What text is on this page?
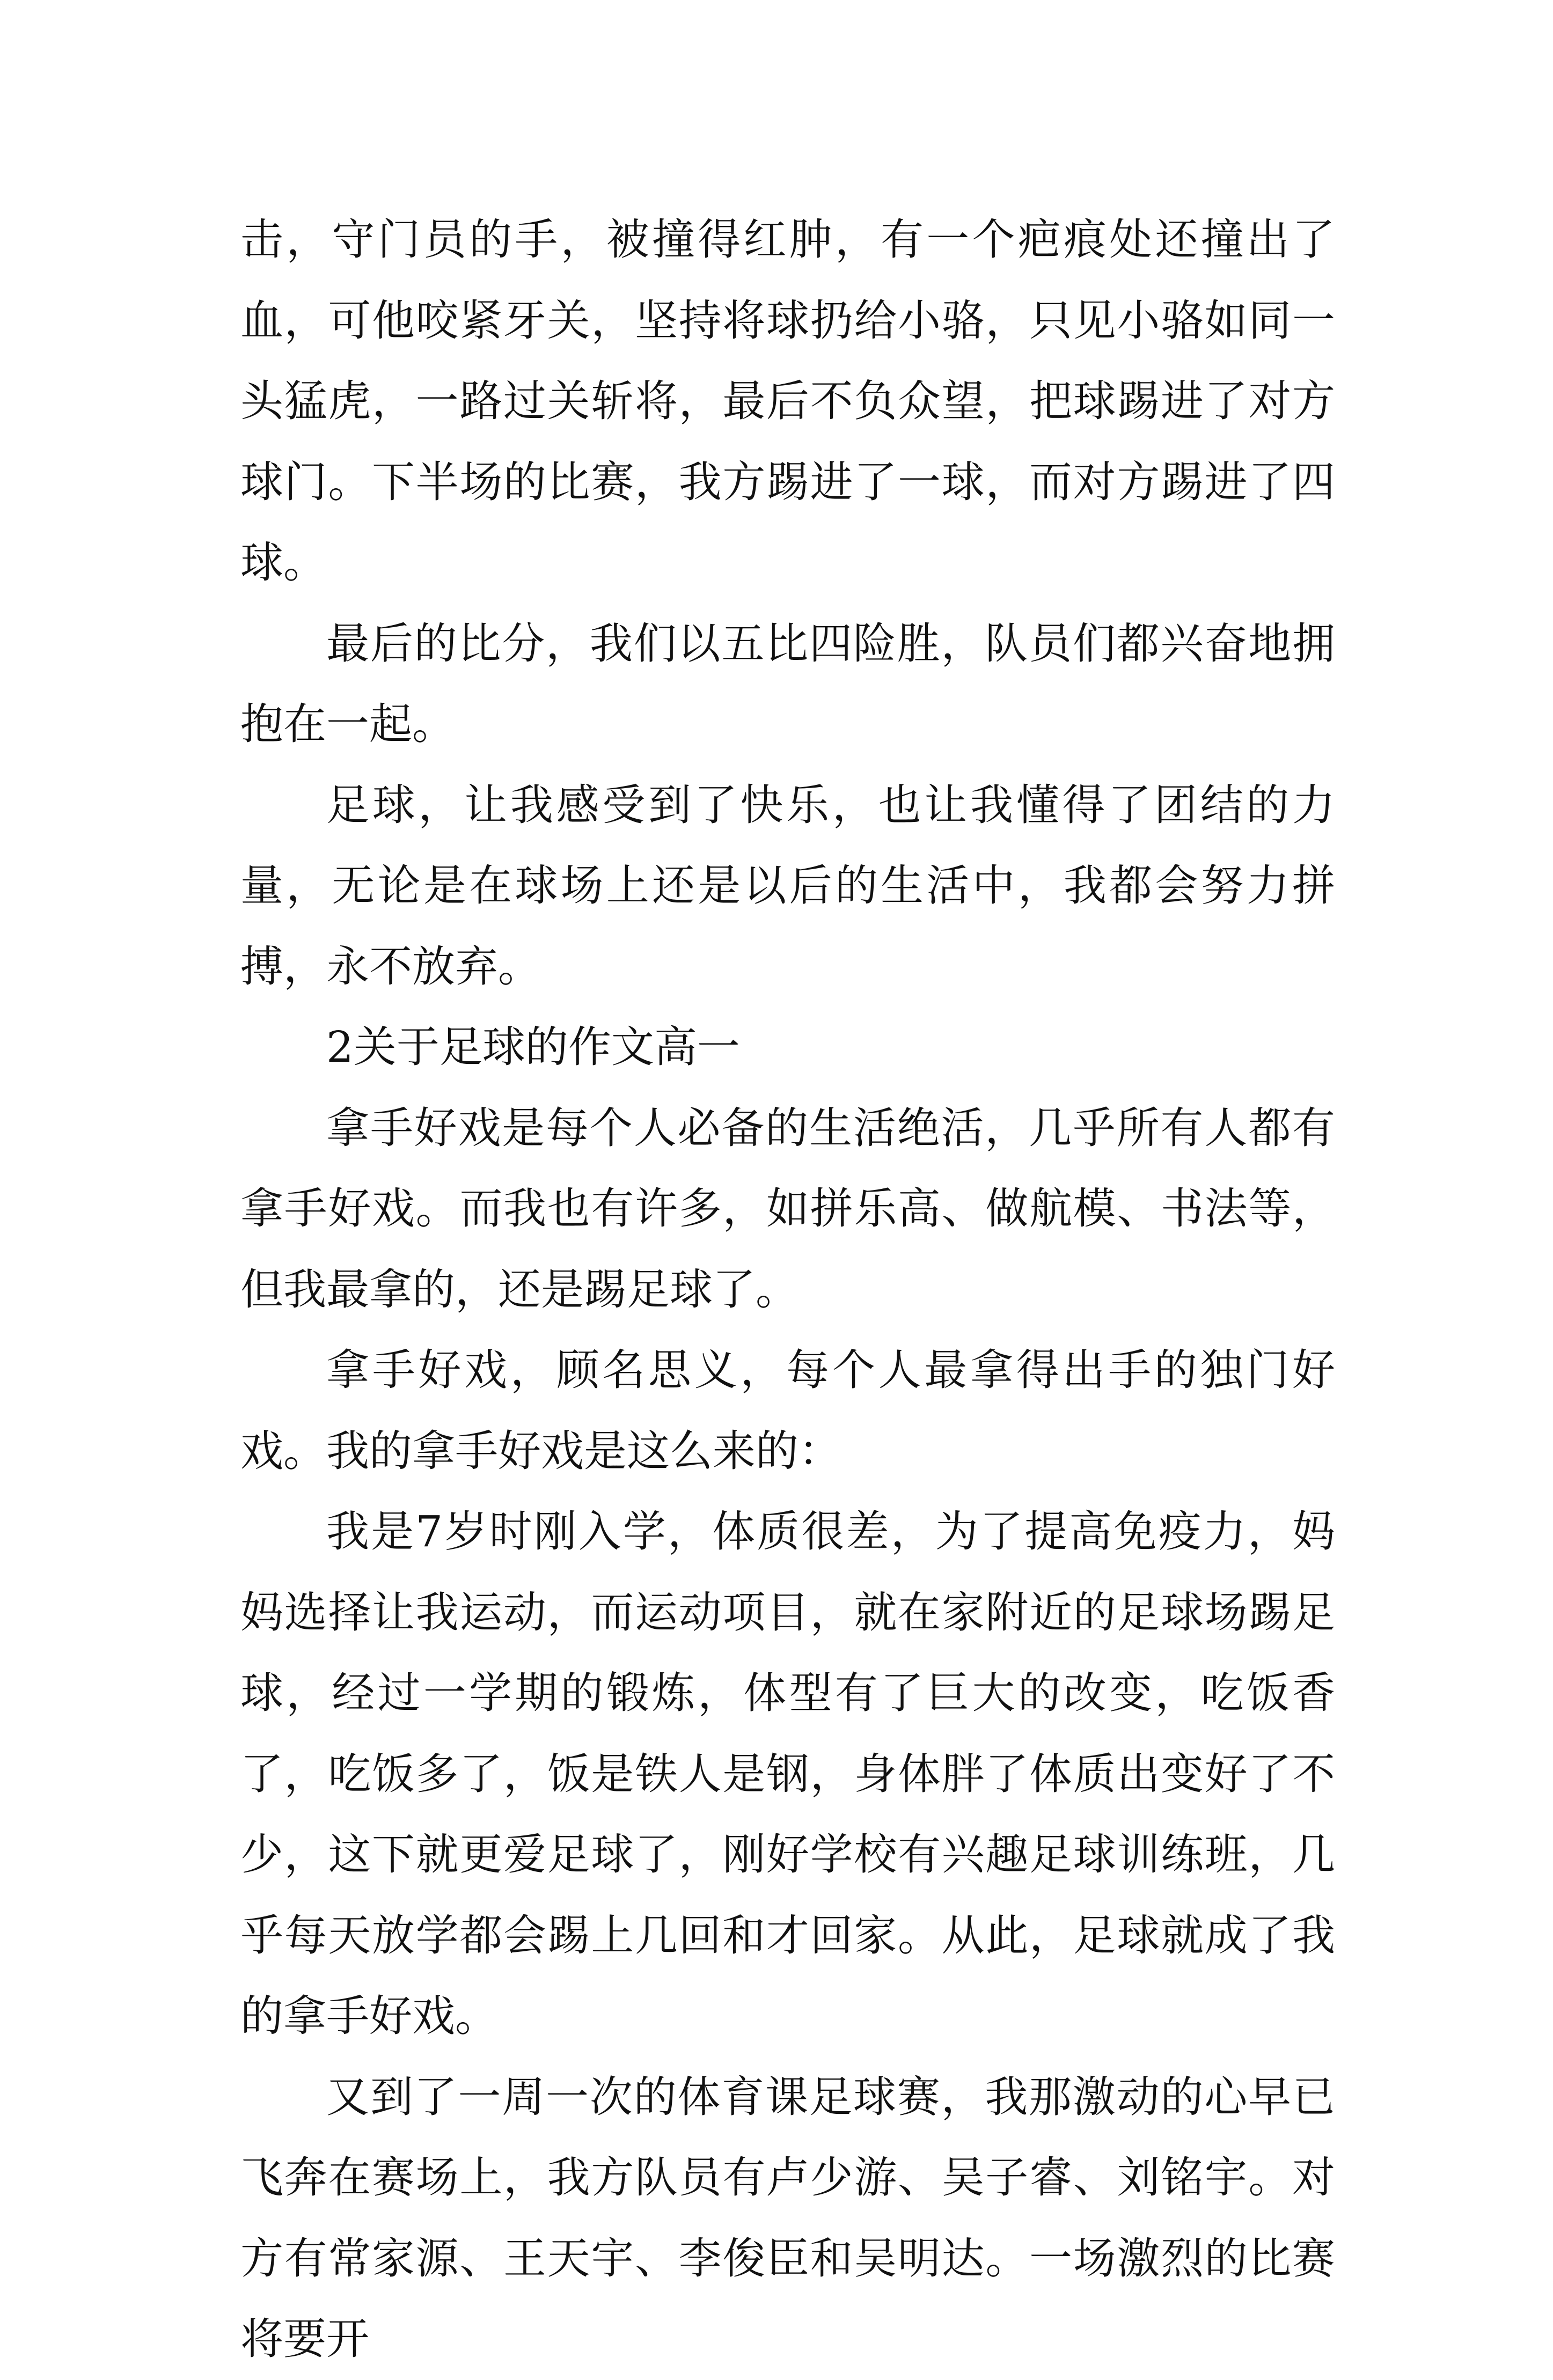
击，守门员的手，被撞得红肿，有一个疤痕处还撞出了血，可他咬紧牙关，坚持将球扔给小骆，只见小骆如同一头猛虎，一路过关斩将，最后不负众望，把球踢进了对方球门。下半场的比赛，我方踢进了一球，而对方踢进了四球。

最后的比分，我们以五比四险胜，队员们都兴奋地拥抱在一起。

足球，让我感受到了快乐，也让我懂得了团结的力量，无论是在球场上还是以后的生活中，我都会努力拼搏，永不放弃。

2关于足球的作文高一

拿手好戏是每个人必备的生活绝活，几乎所有人都有拿手好戏。而我也有许多，如拼乐高、做航模、书法等，但我最拿的，还是踢足球了。

拿手好戏，顾名思义，每个人最拿得出手的独门好戏。我的拿手好戏是这么来的：

我是7岁时刚入学，体质很差，为了提高免疫力，妈妈选择让我运动，而运动项目，就在家附近的足球场踢足球，经过一学期的锻炼，体型有了巨大的改变，吃饭香了，吃饭多了，饭是铁人是钢，身体胖了体质出变好了不少，这下就更爱足球了，刚好学校有兴趣足球训练班，几乎每天放学都会踢上几回和才回家。从此，足球就成了我的拿手好戏。

又到了一周一次的体育课足球赛，我那激动的心早已飞奔在赛场上，我方队员有卢少游、吴子睿、刘铭宇。对方有常家源、王天宇、李俊臣和吴明达。一场激烈的比赛将要开
